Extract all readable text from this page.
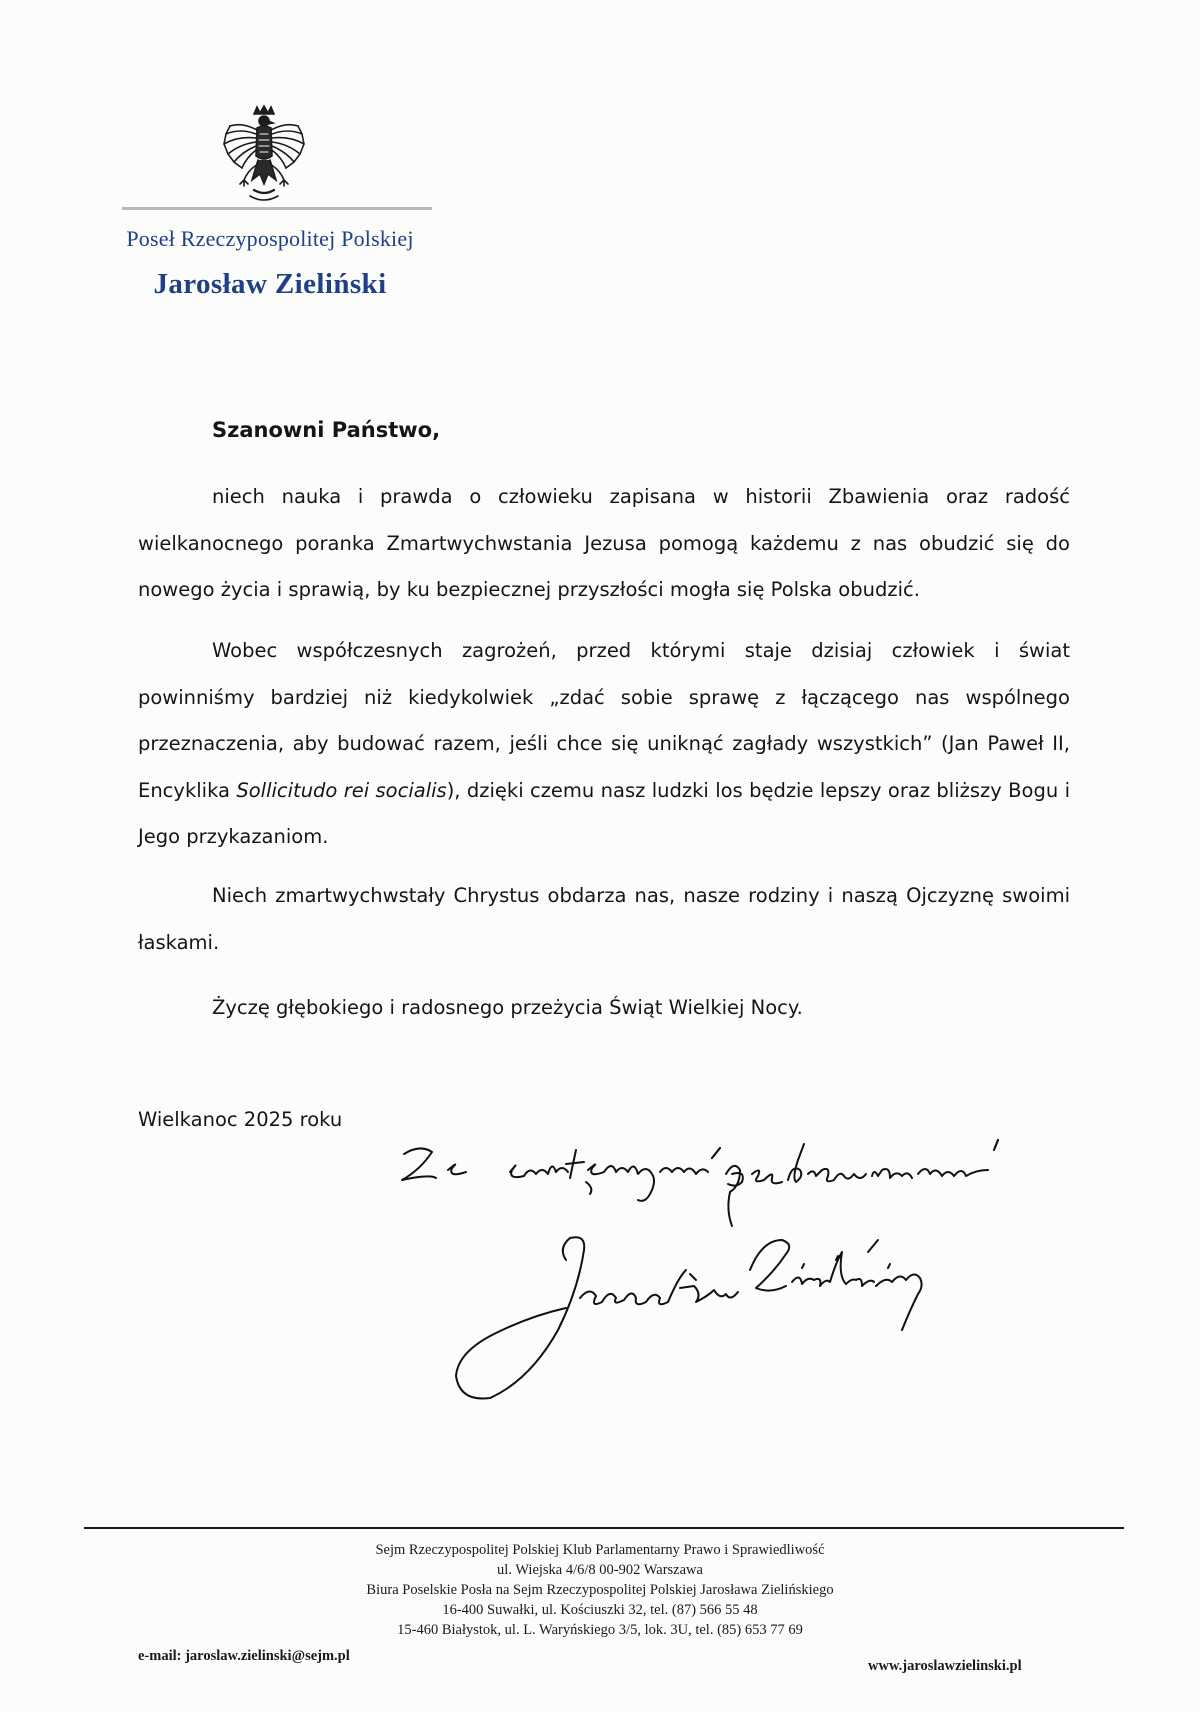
Poseł Rzeczypospolitej Polskiej
Jarosław Zieliński
Szanowni Państwo,

niech nauka i prawda o człowieku zapisana w historii Zbawienia oraz radość wielkanocnego poranka Zmartwychwstania Jezusa pomogą każdemu z nas obudzić się do nowego życia i sprawią, by ku bezpiecznej przyszłości mogła się Polska obudzić.

Wobec współczesnych zagrożeń, przed którymi staje dzisiaj człowiek i świat powinniśmy bardziej niż kiedykolwiek „zdać sobie sprawę z łączącego nas wspólnego przeznaczenia, aby budować razem, jeśli chce się uniknąć zagłady wszystkich” (Jan Paweł II, Encyklika Sollicitudo rei socialis), dzięki czemu nasz ludzki los będzie lepszy oraz bliższy Bogu i Jego przykazaniom.

Niech zmartwychwstały Chrystus obdarza nas, nasze rodziny i naszą Ojczyznę swoimi łaskami.

Życzę głębokiego i radosnego przeżycia Świąt Wielkiej Nocy.

Wielkanoc 2025 roku
Sejm Rzeczypospolitej Polskiej Klub Parlamentarny Prawo i Sprawiedliwość
ul. Wiejska 4/6/8 00-902 Warszawa
Biura Poselskie Posła na Sejm Rzeczypospolitej Polskiej Jarosława Zielińskiego
16-400 Suwałki, ul. Kościuszki 32, tel. (87) 566 55 48
15-460 Białystok, ul. L. Waryńskiego 3/5, lok. 3U, tel. (85) 653 77 69
e-mail: jaroslaw.zielinski@sejm.pl
www.jaroslawzielinski.pl
